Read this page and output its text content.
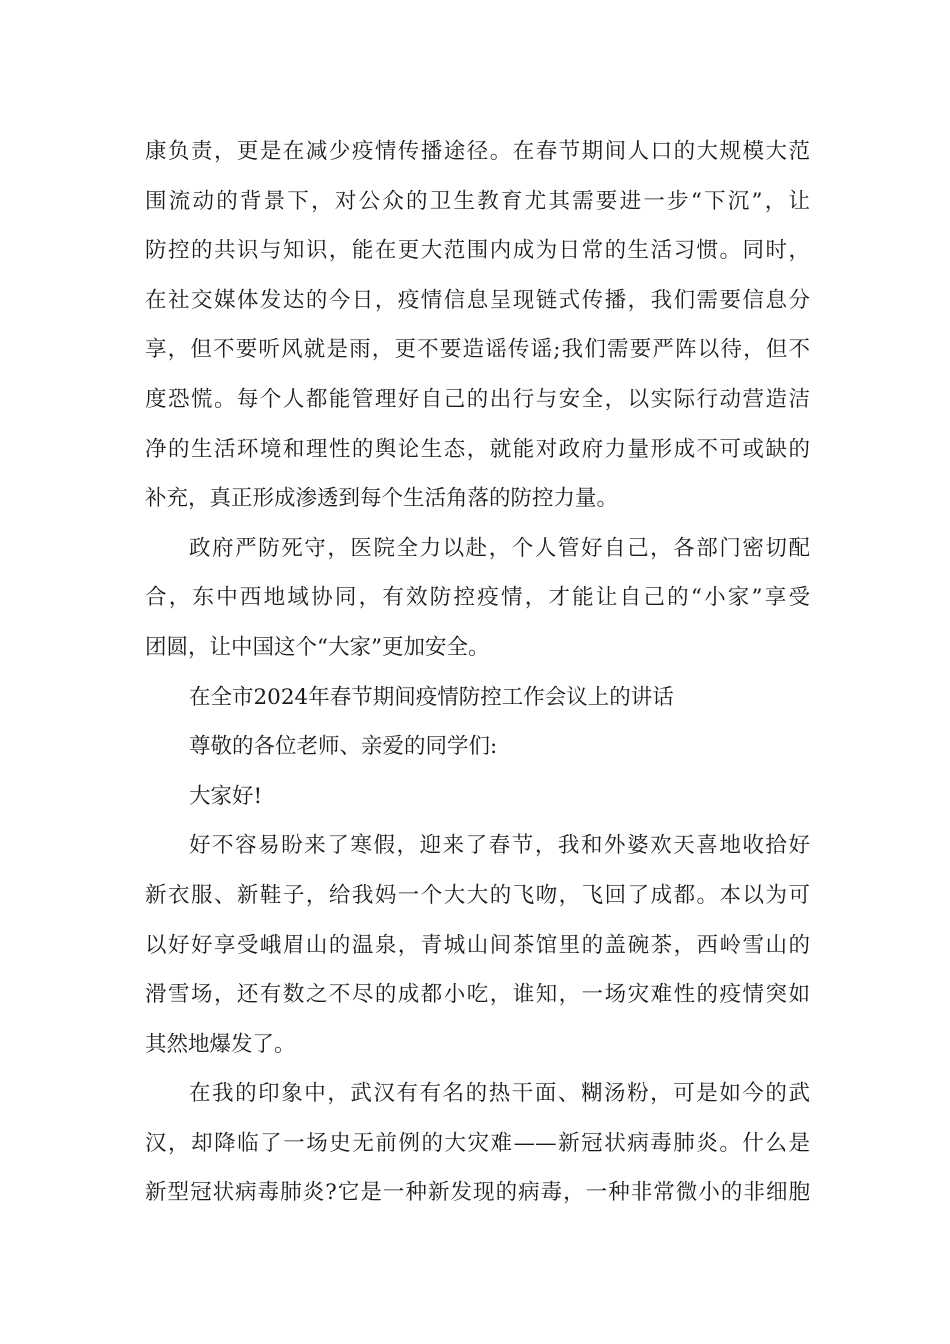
康负责，更是在减少疫情传播途径。在春节期间人口的大规模大范
围流动的背景下，对公众的卫生教育尤其需要进一步“下沉”，让
防控的共识与知识，能在更大范围内成为日常的生活习惯。同时，
在社交媒体发达的今日，疫情信息呈现链式传播，我们需要信息分
享，但不要听风就是雨，更不要造谣传谣;我们需要严阵以待，但不
度恐慌。每个人都能管理好自己的出行与安全，以实际行动营造洁
净的生活环境和理性的舆论生态，就能对政府力量形成不可或缺的
补充，真正形成渗透到每个生活角落的防控力量。

政府严防死守，医院全力以赴，个人管好自己，各部门密切配
合，东中西地域协同，有效防控疫情，才能让自己的“小家”享受
团圆，让中国这个“大家”更加安全。

在全市2024年春节期间疫情防控工作会议上的讲话

尊敬的各位老师、亲爱的同学们:

大家好!

好不容易盼来了寒假，迎来了春节，我和外婆欢天喜地收拾好
新衣服、新鞋子，给我妈一个大大的飞吻，飞回了成都。本以为可
以好好享受峨眉山的温泉，青城山间茶馆里的盖碗茶，西岭雪山的
滑雪场，还有数之不尽的成都小吃，谁知，一场灾难性的疫情突如
其然地爆发了。

在我的印象中，武汉有有名的热干面、糊汤粉，可是如今的武
汉，却降临了一场史无前例的大灾难——新冠状病毒肺炎。什么是
新型冠状病毒肺炎?它是一种新发现的病毒，一种非常微小的非细胞
